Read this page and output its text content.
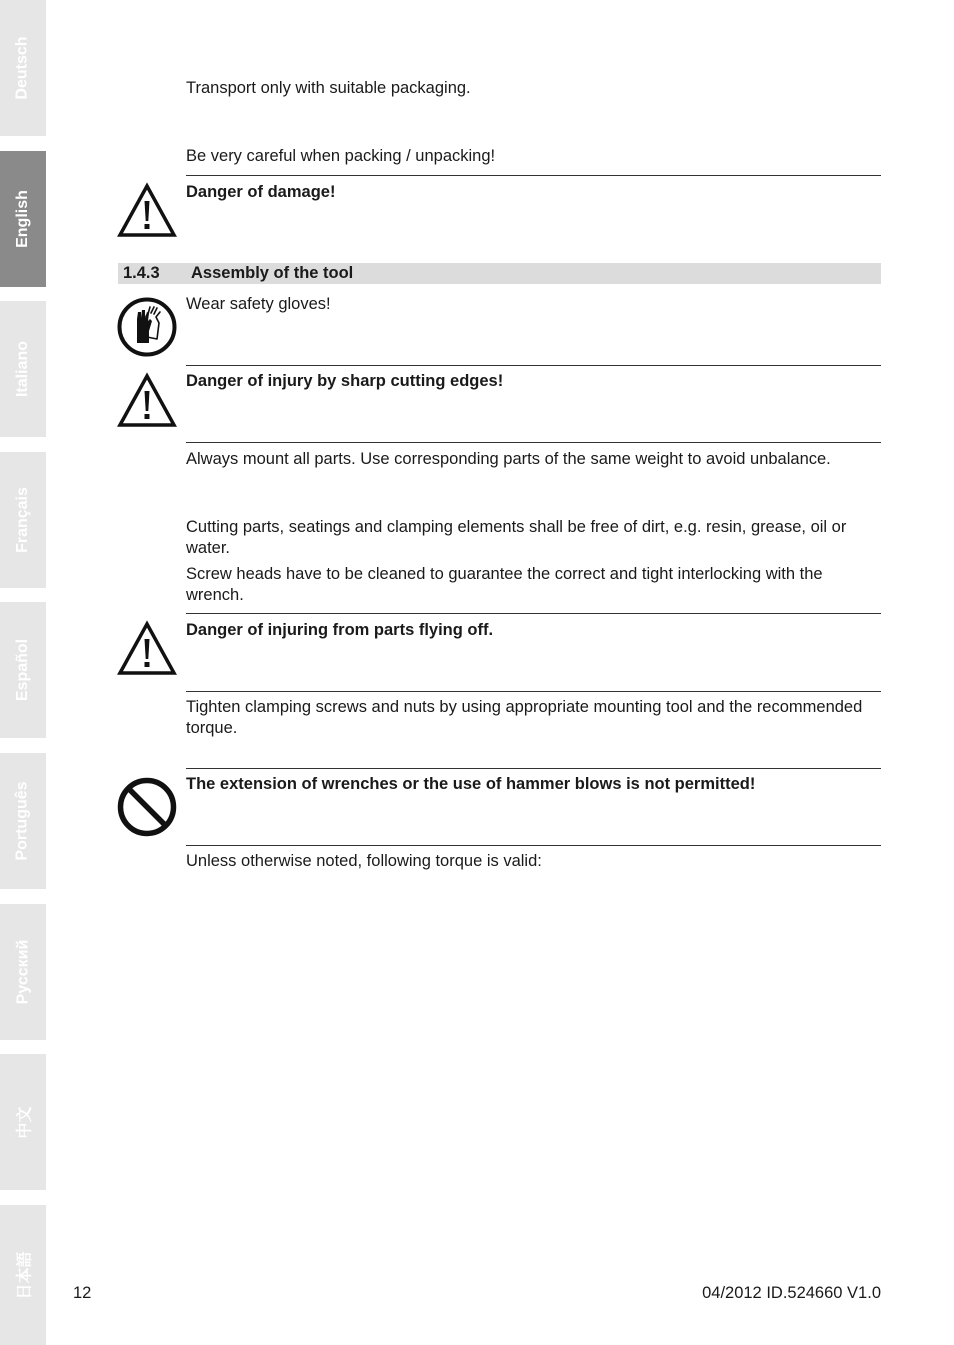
Deutsch
English
Italiano
Français
Español
Português
Русский
中文
日本語

Transport only with suitable packaging.

Be very careful when packing / unpacking!

Danger of damage!

1.4.3 Assembly of the tool

Wear safety gloves!

Danger of injury by sharp cutting edges!

Always mount all parts. Use corresponding parts of the same weight to avoid unbalance.

Cutting parts, seatings and clamping elements shall be free of dirt, e.g. resin, grease, oil or water.

Screw heads have to be cleaned to guarantee the correct and tight interlocking with the wrench.

Danger of injuring from parts flying off.

Tighten clamping screws and nuts by using appropriate mounting tool and the recommended torque.

The extension of wrenches or the use of hammer blows is not permitted!

Unless otherwise noted, following torque is valid:

12	04/2012 ID.524660 V1.0
